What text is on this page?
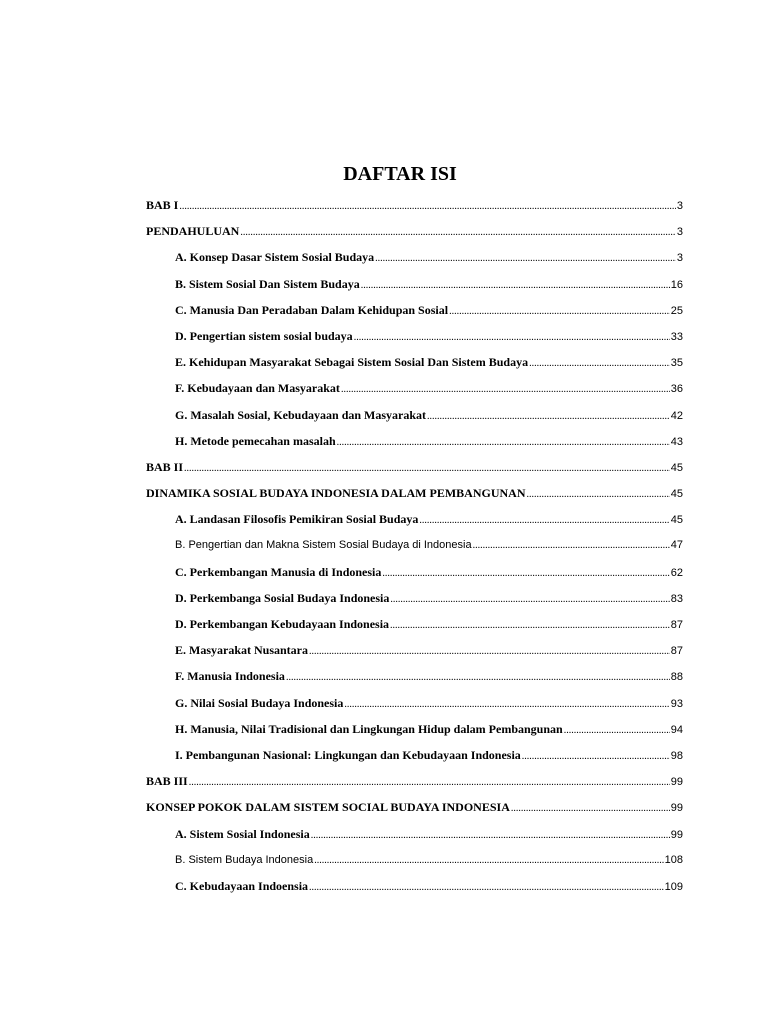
DAFTAR ISI
BAB I .....	3
PENDAHULUAN .....	3
A. Konsep Dasar Sistem Sosial Budaya .....	3
B. Sistem Sosial Dan Sistem Budaya .....	16
C. Manusia Dan Peradaban Dalam Kehidupan Sosial .....	25
D. Pengertian sistem sosial budaya .....	33
E. Kehidupan Masyarakat Sebagai Sistem Sosial Dan Sistem Budaya .....	35
F. Kebudayaan dan Masyarakat .....	36
G. Masalah Sosial, Kebudayaan dan Masyarakat .....	42
H. Metode pemecahan masalah .....	43
BAB II .....	45
DINAMIKA SOSIAL BUDAYA INDONESIA DALAM PEMBANGUNAN .....	45
A. Landasan Filosofis Pemikiran Sosial Budaya .....	45
B. Pengertian dan Makna Sistem Sosial Budaya di Indonesia .....	47
C. Perkembangan Manusia di Indonesia .....	62
D. Perkembanga Sosial Budaya Indonesia .....	83
D. Perkembangan Kebudayaan Indonesia .....	87
E. Masyarakat Nusantara .....	87
F. Manusia Indonesia .....	88
G. Nilai Sosial Budaya Indonesia .....	93
H. Manusia, Nilai Tradisional dan Lingkungan Hidup dalam Pembangunan .....	94
I. Pembangunan Nasional: Lingkungan dan Kebudayaan Indonesia .....	98
BAB III .....	99
KONSEP POKOK DALAM SISTEM SOCIAL BUDAYA INDONESIA .....	99
A. Sistem Sosial Indonesia .....	99
B. Sistem Budaya Indonesia .....	108
C. Kebudayaan Indoensia .....	109
